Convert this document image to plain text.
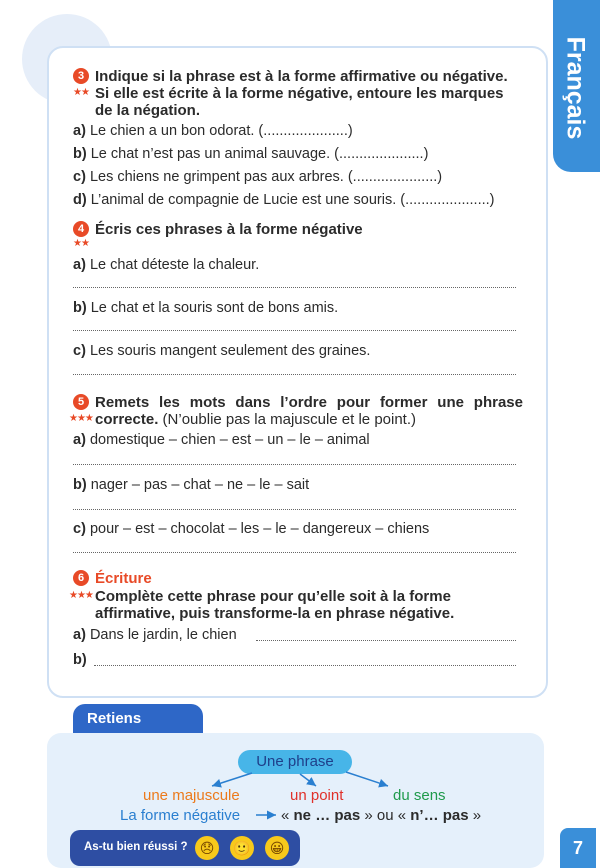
Français
3 Indique si la phrase est à la forme affirmative ou négative. Si elle est écrite à la forme négative, entoure les marques de la négation.
★★
a) Le chien a un bon odorat. (.....................)
b) Le chat n’est pas un animal sauvage. (.....................)
c) Les chiens ne grimpent pas aux arbres. (.....................)
d) L’animal de compagnie de Lucie est une souris. (.....................)
4 Écris ces phrases à la forme négative
★★
a) Le chat déteste la chaleur.
b) Le chat et la souris sont de bons amis.
c) Les souris mangent seulement des graines.
5 Remets les mots dans l’ordre pour former une phrase correcte. (N’oublie pas la majuscule et le point.)
★★★
a) domestique – chien – est – un – le – animal
b) nager – pas – chat – ne – le – sait
c) pour – est – chocolat – les – le – dangereux – chiens
6 Écriture
Complète cette phrase pour qu’elle soit à la forme affirmative, puis transforme-la en phrase négative.
★★★
a) Dans le jardin, le chien
b)
Retiens
Une phrase
une majuscule	un point	du sens
La forme négative	« ne … pas » ou « n’… pas »
As-tu bien réussi ? 😞	🙂	😀	7
